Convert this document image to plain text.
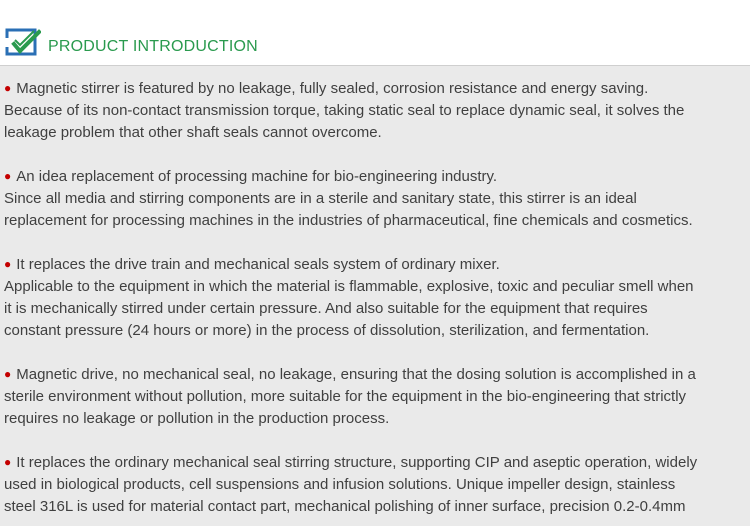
PRODUCT INTRODUCTION
● Magnetic stirrer is featured by no leakage, fully sealed, corrosion resistance and energy saving.
Because of its non-contact transmission torque, taking static seal to replace dynamic seal, it solves the
leakage problem that other shaft seals cannot overcome.
● An idea replacement of processing machine for bio-engineering industry.
Since all media and stirring components are in a sterile and sanitary state, this stirrer is an ideal
replacement for processing machines in the industries of pharmaceutical, fine chemicals and cosmetics.
● It replaces the drive train and mechanical seals system of ordinary mixer.
Applicable to the equipment in which the material is flammable, explosive, toxic and peculiar smell when
it is mechanically stirred under certain pressure. And also suitable for the equipment that requires
constant pressure (24 hours or more) in the process of dissolution, sterilization, and fermentation.
● Magnetic drive, no mechanical seal, no leakage, ensuring that the dosing solution is accomplished in a
sterile environment without pollution, more suitable for the equipment in the bio-engineering that strictly
requires no leakage or pollution in the production process.
● It replaces the ordinary mechanical seal stirring structure, supporting CIP and aseptic operation, widely
used in biological products, cell suspensions and infusion solutions. Unique impeller design, stainless
steel 316L is used for material contact part, mechanical polishing of inner surface, precision 0.2-0.4mm
